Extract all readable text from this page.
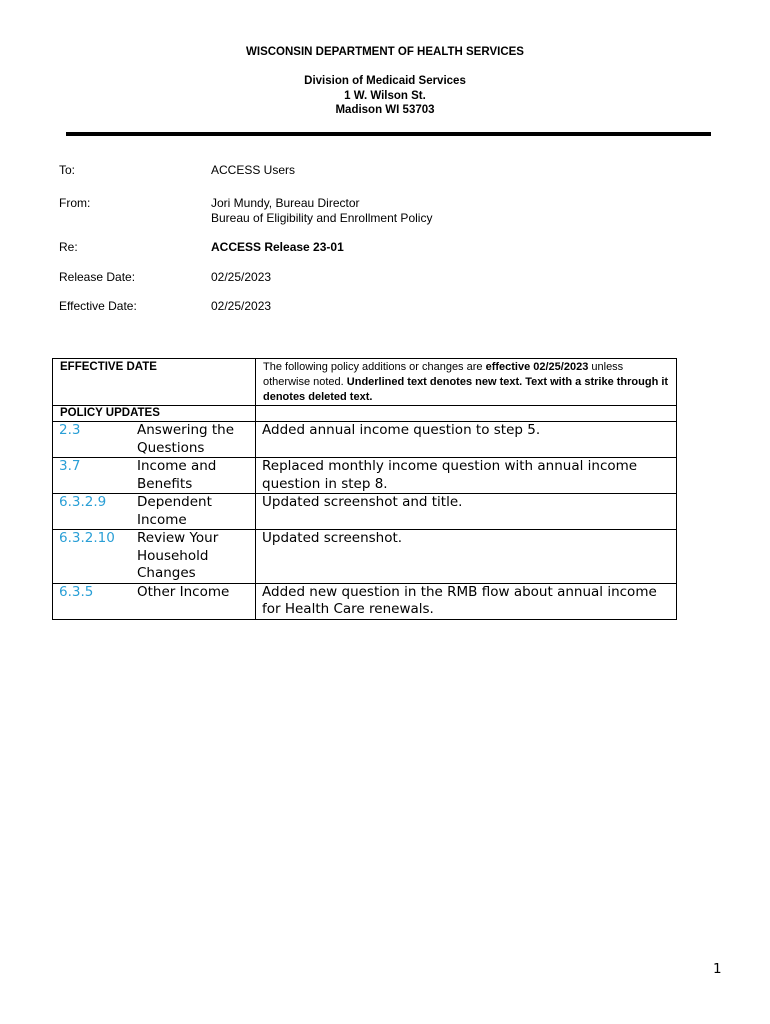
WISCONSIN DEPARTMENT OF HEALTH SERVICES
Division of Medicaid Services
1 W. Wilson St.
Madison WI 53703
To:	ACCESS Users
From:	Jori Mundy, Bureau Director
Bureau of Eligibility and Enrollment Policy
Re:	ACCESS Release 23-01
Release Date:	02/25/2023
Effective Date:	02/25/2023
EFFECTIVE DATE	The following policy additions or changes are effective 02/25/2023 unless otherwise noted. Underlined text denotes new text. Text with a strike through it denotes deleted text.
POLICY UPDATES	
2.3 Answering the Questions	Added annual income question to step 5.
3.7 Income and Benefits	Replaced monthly income question with annual income question in step 8.
6.3.2.9 Dependent Income	Updated screenshot and title.
6.3.2.10 Review Your Household Changes	Updated screenshot.
6.3.5 Other Income	Added new question in the RMB flow about annual income for Health Care renewals.
1
